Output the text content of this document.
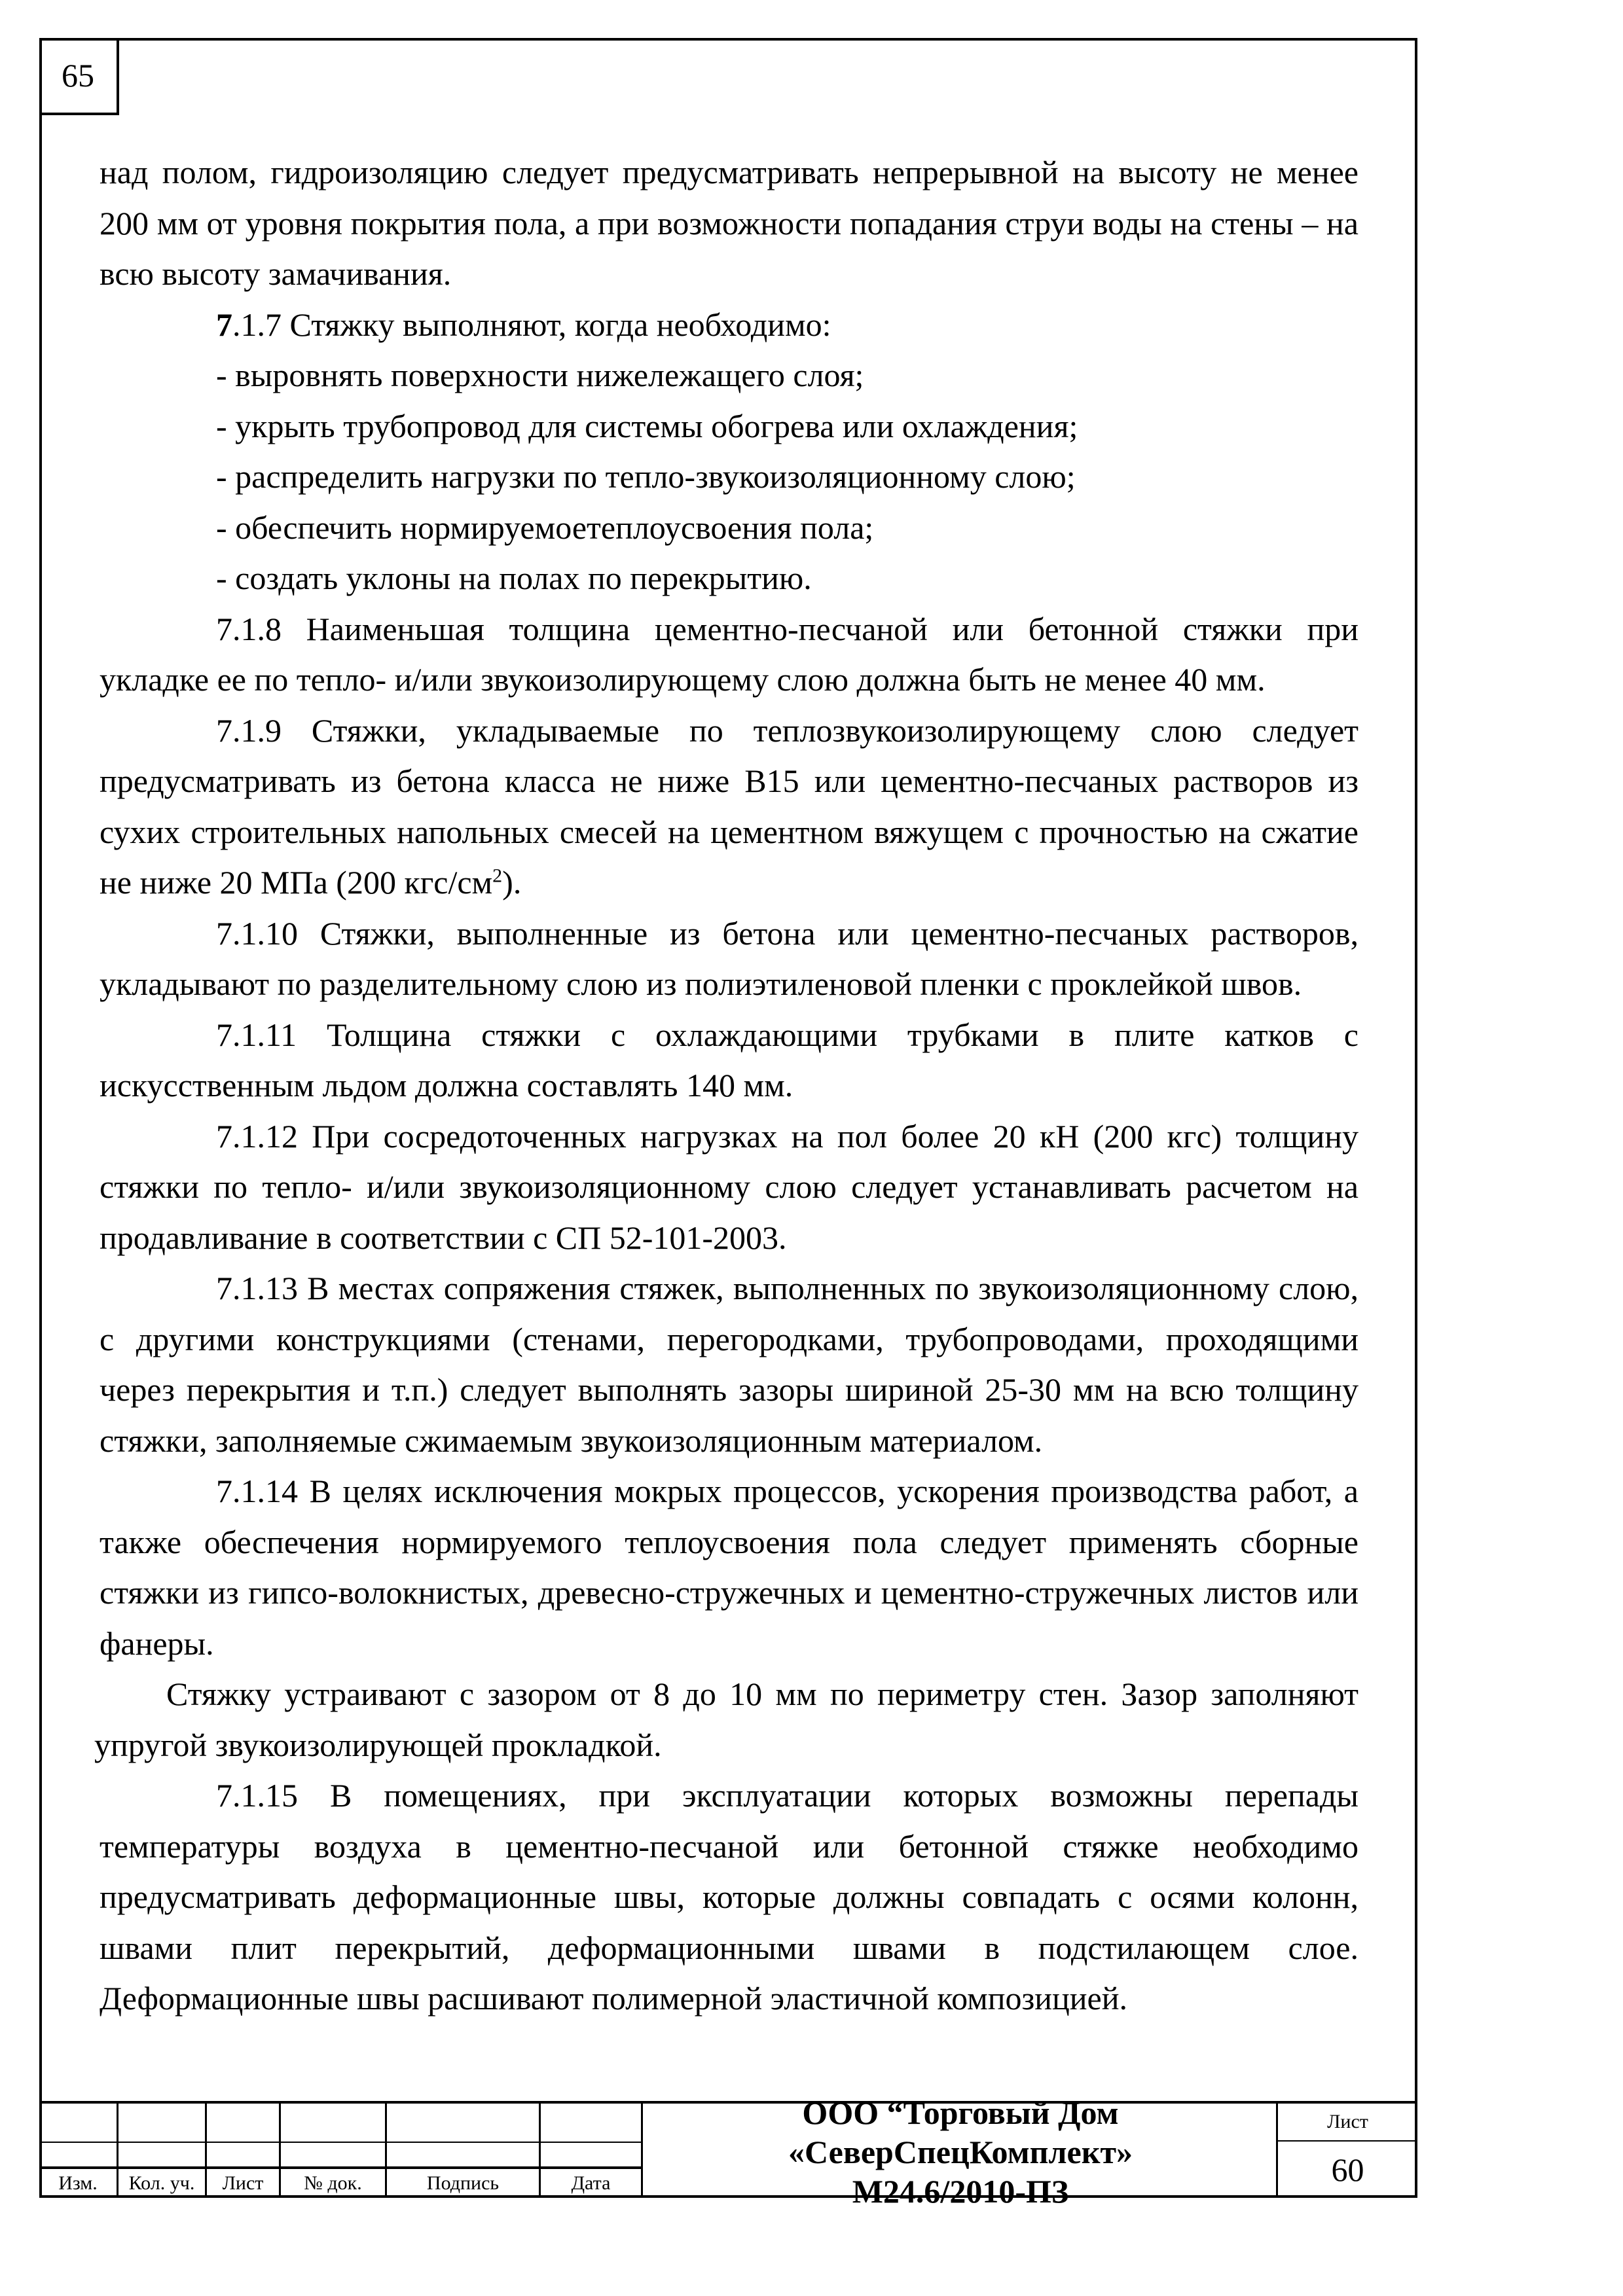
65

над полом, гидроизоляцию следует предусматривать непрерывной на высоту не менее 200 мм от уровня покрытия пола, а при возможности попадания струи воды на стены – на всю высоту замачивания.

7.1.7 Стяжку выполняют, когда необходимо:

- выровнять поверхности нижележащего слоя;

- укрыть трубопровод для системы обогрева или охлаждения;

- распределить нагрузки по тепло-звукоизоляционному слою;

- обеспечить нормируемоетеплоусвоения пола;

- создать уклоны на полах по перекрытию.

7.1.8 Наименьшая толщина цементно-песчаной или бетонной стяжки при укладке ее по тепло- и/или звукоизолирующему слою должна быть не менее 40 мм.

7.1.9 Стяжки, укладываемые по теплозвукоизолирующему слою следует предусматривать из бетона класса не ниже В15 или цементно-песчаных растворов из сухих строительных напольных смесей на цементном вяжущем с прочностью на сжатие не ниже 20 МПа (200 кгс/$см^2$).

7.1.10 Стяжки, выполненные из бетона или цементно-песчаных растворов, укладывают по разделительному слою из полиэтиленовой пленки с проклейкой швов.

7.1.11 Толщина стяжки с охлаждающими трубками в плите катков с искусственным льдом должна составлять 140 мм.

7.1.12 При сосредоточенных нагрузках на пол более 20 кН (200 кгс) толщину стяжки по тепло- и/или звукоизоляционному слою следует устанавливать расчетом на продавливание в соответствии с СП 52-101-2003.

7.1.13 В местах сопряжения стяжек, выполненных по звукоизоляционному слою, с другими конструкциями (стенами, перегородками, трубопроводами, проходящими через перекрытия и т.п.) следует выполнять зазоры шириной 25-30 мм на всю толщину стяжки, заполняемые сжимаемым звукоизоляционным материалом.

7.1.14 В целях исключения мокрых процессов, ускорения производства работ, а также обеспечения нормируемого теплоусвоения пола следует применять сборные стяжки из гипсо-волокнистых, древесно-стружечных и цементно-стружечных листов или фанеры.

Стяжку устраивают с зазором от 8 до 10 мм по периметру стен. Зазор заполняют упругой звукоизолирующей прокладкой.

7.1.15 В помещениях, при эксплуатации которых возможны перепады температуры воздуха в цементно-песчаной или бетонной стяжке необходимо предусматривать деформационные швы, которые должны совпадать с осями колонн, швами плит перекрытий, деформационными швами в подстилающем слое. Деформационные швы расшивают полимерной эластичной композицией.

Изм.	Кол. уч.	Лист	№ док.	Подпись	Дата
ООО “Торговый Дом
«СеверСпецКомплект»
М24.6/2010-ПЗ
Лист
60
